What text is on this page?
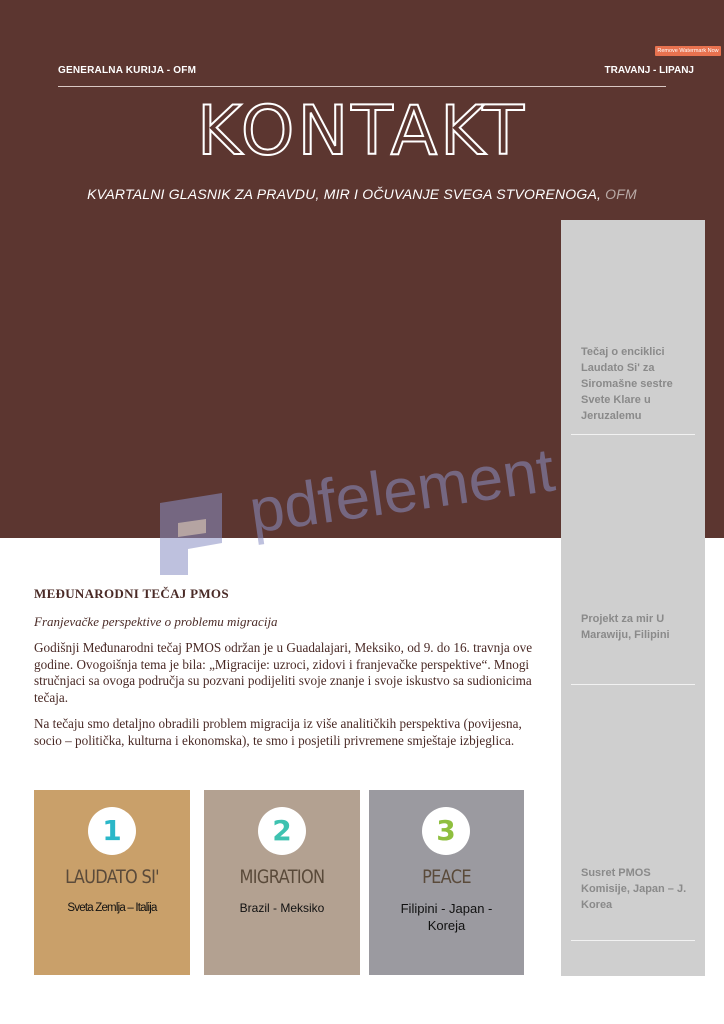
Remove Watermark Now
GENERALNA KURIJA - OFM	TRAVANJ - LIPANJ
KONTAKT
KVARTALNI GLASNIK ZA PRAVDU, MIR I OČUVANJE SVEGA STVORENOGA, OFM
Tečaj o enciklici Laudato Si' za Siromašne sestre Svete Klare u Jeruzalemu
Projekt za mir U Marawiju, Filipini
Susret PMOS Komisije, Japan – J. Koreа
pdfelement

MEĐUNARODNI TEČAJ PMOS

Franjevačke perspektive o problemu migracija

Godišnji Međunarodni tečaj PMOS održan je u Guadalajari, Meksiko, od 9. do 16. travnja ove godine. Ovogoišnja tema je bila: „Migracije: uzroci, zidovi i franjevačke perspektive“. Mnogi stručnjaci sa ovoga područja su pozvani podijeliti svoje znanje i svoje iskustvo sa sudionicima tečaja.

Na tečaju smo detaljno obradili problem migracija iz više analitičkih perspektiva (povijesna, socio – politička, kulturna i ekonomska), te smo i posjetili privremene smještaje izbjeglica.

1
LAUDATO SI'
Sveta Zemlja – Italija
2
MIGRATION
Brazil - Meksiko
3
PEACE
Filipini - Japan - Koreja
